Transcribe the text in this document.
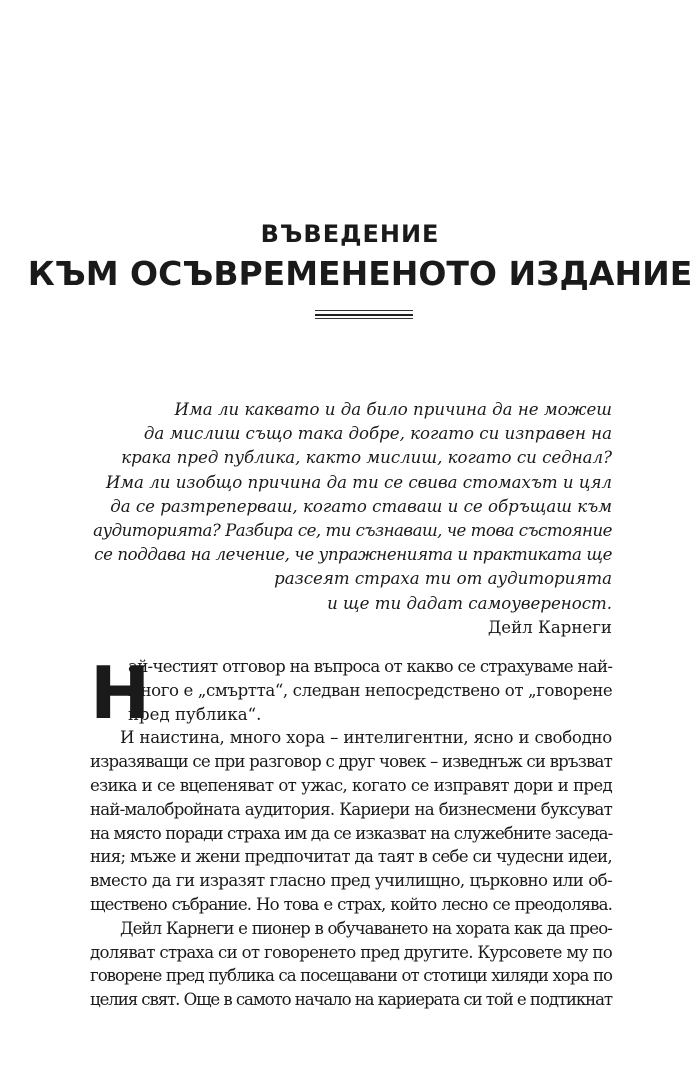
ВЪВЕДЕНИЕ
КЪМ ОСЪВРЕМЕНЕНОТО ИЗДАНИЕ
Има ли каквато и да било причина да не можеш
да мислиш също така добре, когато си изправен на
крака пред публика, както мислиш, когато си седнал?
Има ли изобщо причина да ти се свива стомахът и цял
да се разтреперваш, когато ставаш и се обръщаш към
аудиторията? Разбира се, ти съзнаваш, че това състояние
се поддава на лечение, че упражненията и практиката ще
разсеят страха ти от аудиторията
и ще ти дадат самоувереност.
Дейл Карнеги
Н
ай-честият отговор на въпроса от какво се страхуваме най-
много е „смъртта“, следван непосредствено от „говорене
пред публика“.
И наистина, много хора – интелигентни, ясно и свободно
изразяващи се при разговор с друг човек – изведнъж си връзват
езика и се вцепеняват от ужас, когато се изправят дори и пред
най-малобройната аудитория. Кариери на бизнесмени буксуват
на място поради страха им да се изказват на служебните заседа-
ния; мъже и жени предпочитат да таят в себе си чудесни идеи,
вместо да ги изразят гласно пред училищно, църковно или об-
ществено събрание. Но това е страх, който лесно се преодолява.
Дейл Карнеги е пионер в обучаването на хората как да прео-
доляват страха си от говоренето пред другите. Курсовете му по
говорене пред публика са посещавани от стотици хиляди хора по
целия свят. Още в самото начало на кариерата си той е подтикнат
